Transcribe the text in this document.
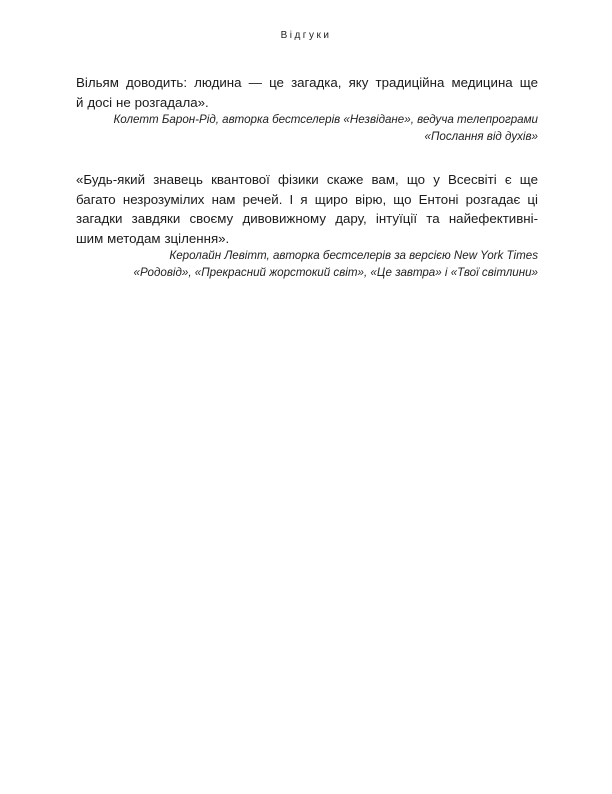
Відгуки

Вільям доводить: людина — це загадка, яку традиційна медицина ще
й досі не розгадала».

Колетт Барон-Рід, авторка бестселерів «Незвідане», ведуча телепрограми
«Послання від духів»

«Будь-який знавець квантової фізики скаже вам, що у Всесвіті є ще
багато незрозумілих нам речей. І я щиро вірю, що Ентоні розгадає ці
загадки завдяки своєму дивовижному дару, інтуїції та найефективні-
шим методам зцілення».

Керолайн Левітт, авторка бестселерів за версією New York Times
«Родовід», «Прекрасний жорстокий світ», «Це завтра» і «Твої світлини»
